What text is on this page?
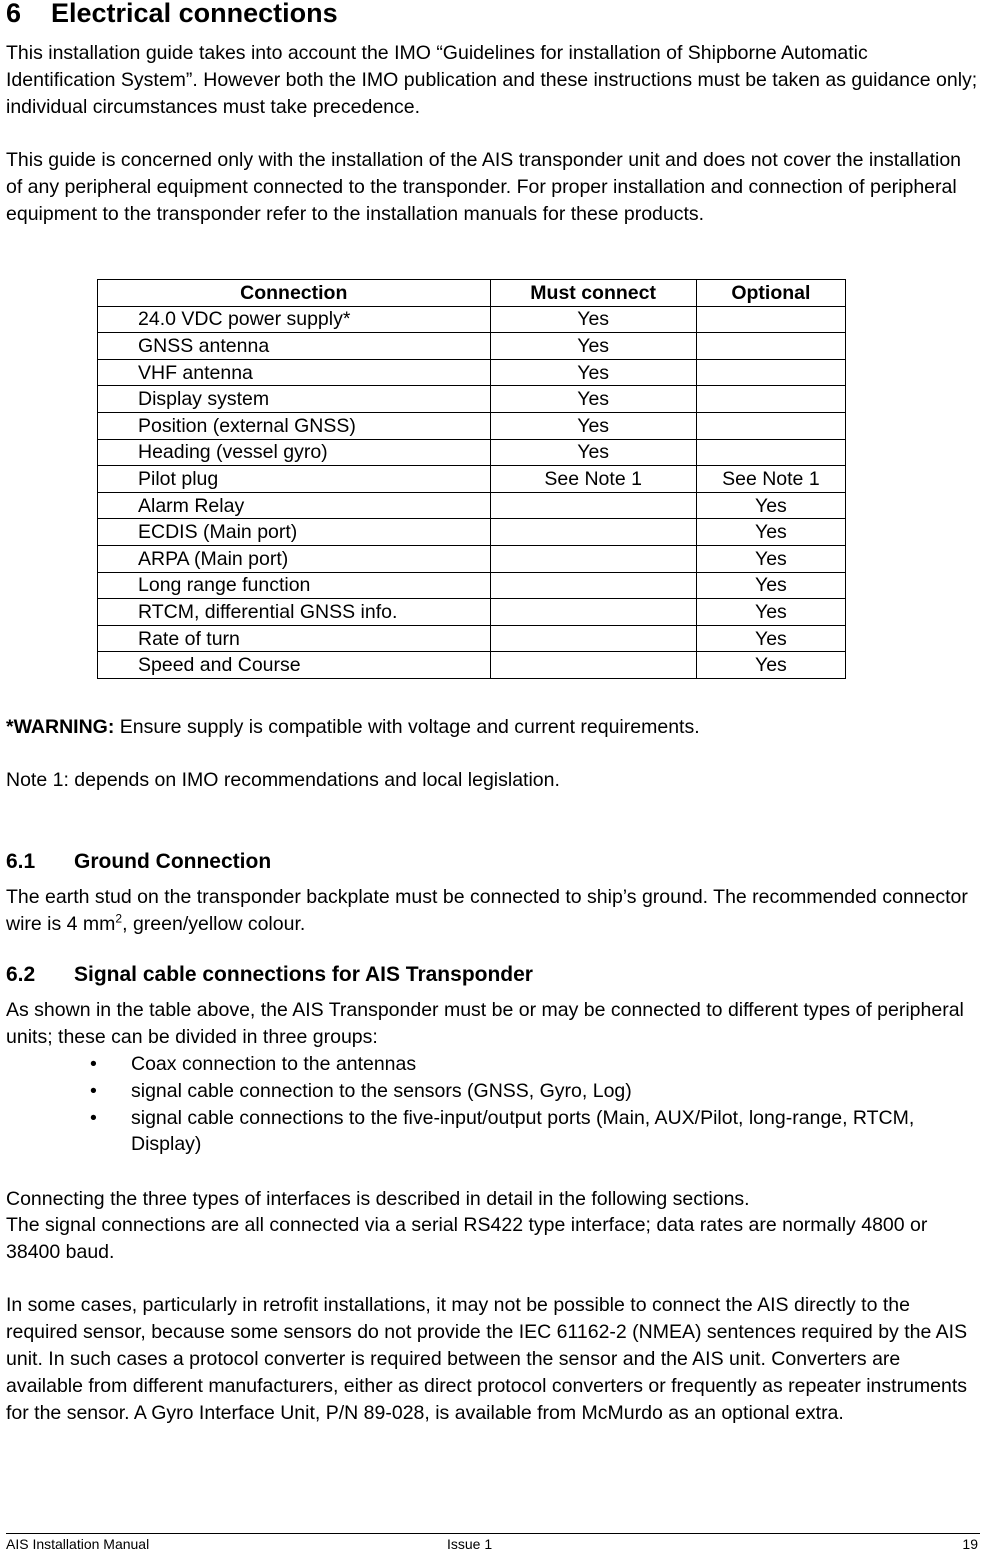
6 Electrical connections

This installation guide takes into account the IMO “Guidelines for installation of Shipborne Automatic Identification System”. However both the IMO publication and these instructions must be taken as guidance only; individual circumstances must take precedence.

This guide is concerned only with the installation of the AIS transponder unit and does not cover the installation of any peripheral equipment connected to the transponder. For proper installation and connection of peripheral equipment to the transponder refer to the installation manuals for these products.

Connection	Must connect	Optional
24.0 VDC power supply*	Yes	
GNSS antenna	Yes	
VHF antenna	Yes	
Display system	Yes	
Position (external GNSS)	Yes	
Heading (vessel gyro)	Yes	
Pilot plug	See Note 1	See Note 1
Alarm Relay		Yes
ECDIS (Main port)		Yes
ARPA (Main port)		Yes
Long range function		Yes
RTCM, differential GNSS info.		Yes
Rate of turn		Yes
Speed and Course		Yes

*WARNING: Ensure supply is compatible with voltage and current requirements.

Note 1: depends on IMO recommendations and local legislation.

6.1 Ground Connection

The earth stud on the transponder backplate must be connected to ship’s ground. The recommended connector wire is 4 $mm^2$, green/yellow colour.

6.2 Signal cable connections for AIS Transponder

As shown in the table above, the AIS Transponder must be or may be connected to different types of peripheral units; these can be divided in three groups:

• Coax connection to the antennas
• signal cable connection to the sensors (GNSS, Gyro, Log)
• signal cable connections to the five-input/output ports (Main, AUX/Pilot, long-range, RTCM, Display)

Connecting the three types of interfaces is described in detail in the following sections.

The signal connections are all connected via a serial RS422 type interface; data rates are normally 4800 or 38400 baud.

In some cases, particularly in retrofit installations, it may not be possible to connect the AIS directly to the required sensor, because some sensors do not provide the IEC 61162-2 (NMEA) sentences required by the AIS unit. In such cases a protocol converter is required between the sensor and the AIS unit. Converters are available from different manufacturers, either as direct protocol converters or frequently as repeater instruments for the sensor. A Gyro Interface Unit, P/N 89-028, is available from McMurdo as an optional extra.

AIS Installation Manual	Issue 1	19
